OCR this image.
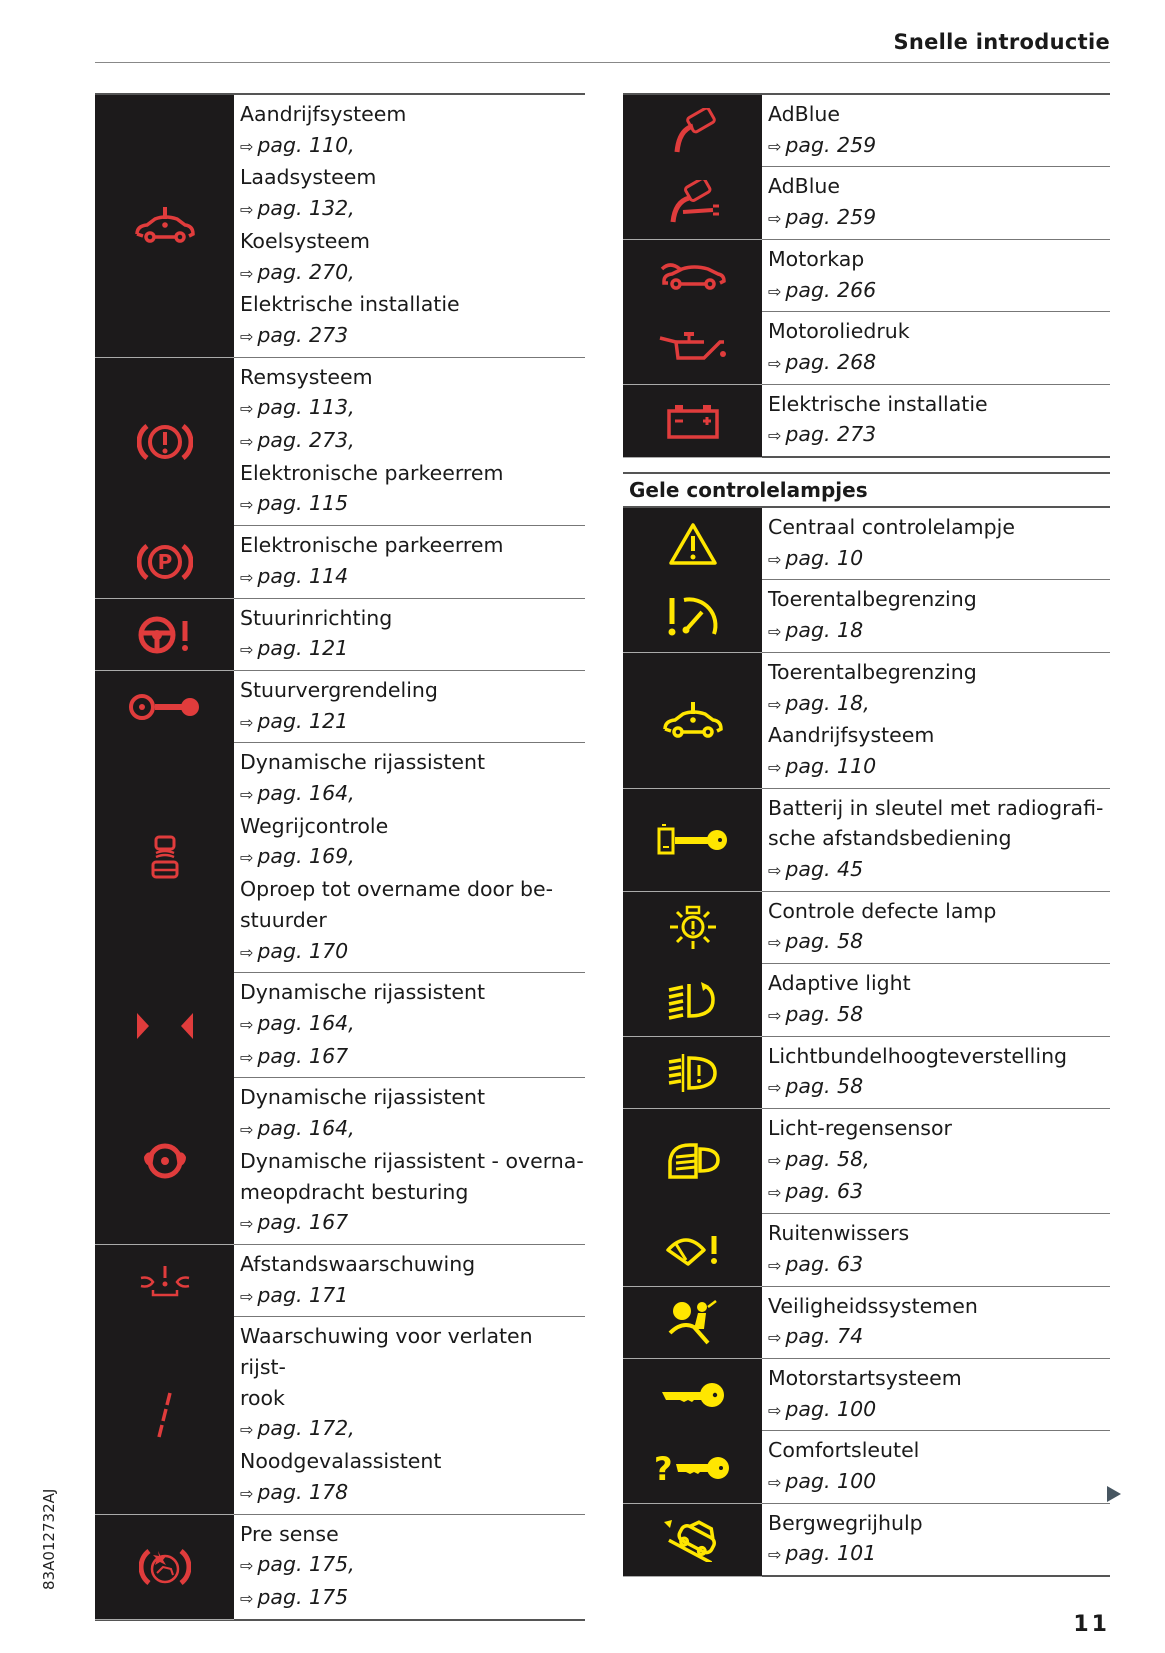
Snelle introductie
Aandrijfsysteem
⇨ pag. 110,
Laadsysteem
⇨ pag. 132,
Koelsysteem
⇨ pag. 270,
Elektrische installatie
⇨ pag. 273
Remsysteem
⇨ pag. 113,
⇨ pag. 273,
Elektronische parkeerrem
⇨ pag. 115
P
Elektronische parkeerrem
⇨ pag. 114
Stuurinrichting
⇨ pag. 121
Stuurvergrendeling
⇨ pag. 121
Dynamische rijassistent
⇨ pag. 164,
Wegrijcontrole
⇨ pag. 169,
Oproep tot overname door be-
stuurder
⇨ pag. 170
Dynamische rijassistent
⇨ pag. 164,
⇨ pag. 167
Dynamische rijassistent
⇨ pag. 164,
Dynamische rijassistent - overna-
meopdracht besturing
⇨ pag. 167
Afstandswaarschuwing
⇨ pag. 171
Waarschuwing voor verlaten rijst-
rook
⇨ pag. 172,
Noodgevalassistent
⇨ pag. 178
Pre sense
⇨ pag. 175,
⇨ pag. 175
AdBlue
⇨ pag. 259
AdBlue
⇨ pag. 259
Motorkap
⇨ pag. 266
Motoroliedruk
⇨ pag. 268
Elektrische installatie
⇨ pag. 273
Gele controlelampjes
Centraal controlelampje
⇨ pag. 10
Toerentalbegrenzing
⇨ pag. 18
Toerentalbegrenzing
⇨ pag. 18,
Aandrijfsysteem
⇨ pag. 110
Batterij in sleutel met radiografi-
sche afstandsbediening
⇨ pag. 45
Controle defecte lamp
⇨ pag. 58
Adaptive light
⇨ pag. 58
Lichtbundelhoogteverstelling
⇨ pag. 58
Licht-regensensor
⇨ pag. 58,
⇨ pag. 63
Ruitenwissers
⇨ pag. 63
Veiligheidssystemen
⇨ pag. 74
Motorstartsysteem
⇨ pag. 100
?	Comfortsleutel
⇨ pag. 100
Bergwegrijhulp
⇨ pag. 101
83A012732AJ
11
